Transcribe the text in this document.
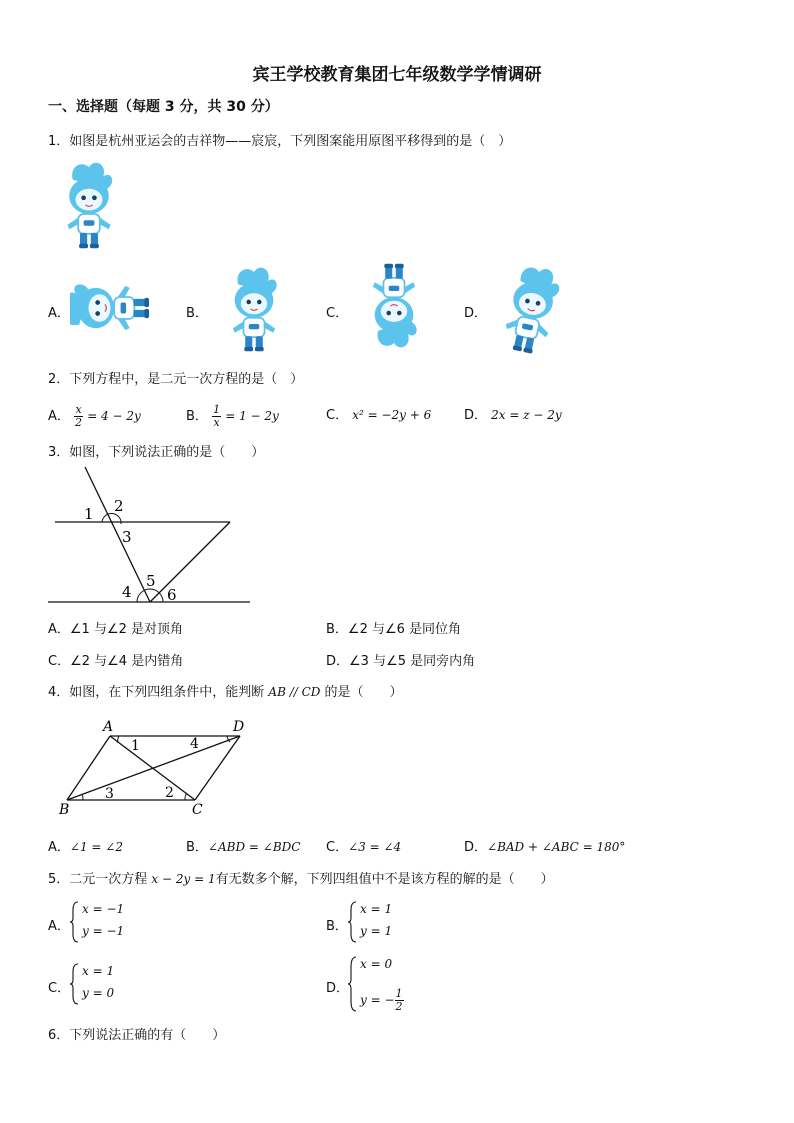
宾王学校教育集团七年级数学学情调研
一、选择题（每题 3 分，共 30 分）
1．如图是杭州亚运会的吉祥物——宸宸，下列图案能用原图平移得到的是（　）
A．	B．	C．	D．
2．下列方程中，是二元一次方程的是（　）
A． $\frac{x}{2} = 4 - 2y$	B． $\frac{1}{x} = 1 - 2y$	C． x² = −2y + 6	D． 2x = z − 2y
3．如图，下列说法正确的是（　　）
1 2
3
4
5
6
A．∠1 与∠2 是对顶角	B．∠2 与∠6 是同位角
C．∠2 与∠4 是内错角	D．∠3 与∠5 是同旁内角
4．如图，在下列四组条件中，能判断 AB // CD 的是（　　）
A	D
B	C
1	4
3	2
A．∠1 = ∠2	B．∠ABD = ∠BDC C．∠3 = ∠4	D．∠BAD + ∠ABC = 180°
5．二元一次方程 x − 2y = 1有无数多个解，下列四组值中不是该方程的解的是（　　）
A．
x = −1
y = −1	B．
x = 1
y = 1
C．
x = 1
y = 0	D．
x = 0
y = − $\frac{1}{2}$
6．下列说法正确的有（　　）
